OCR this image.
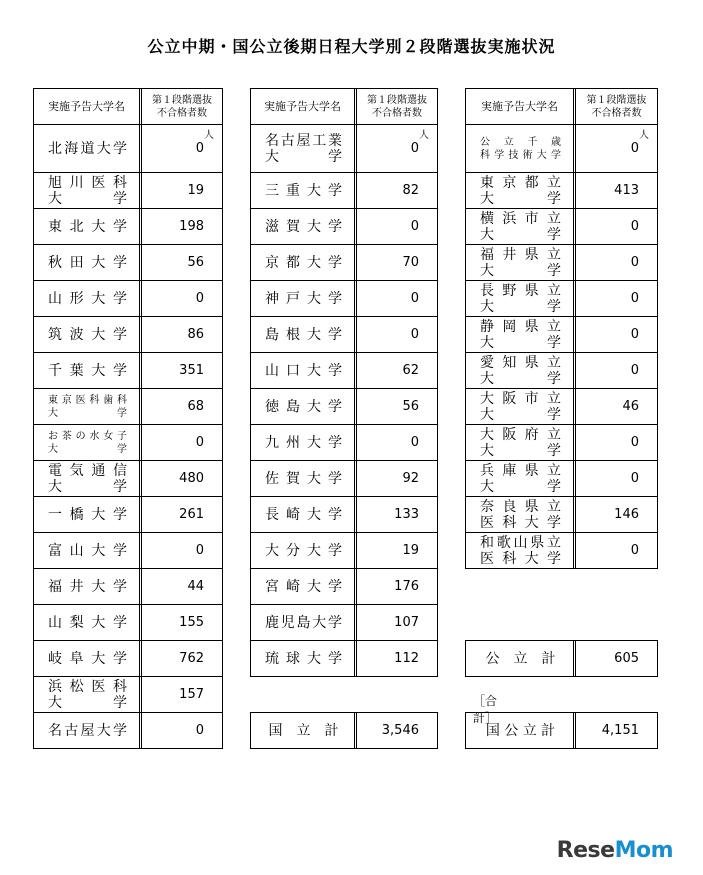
公立中期・国公立後期日程大学別２段階選抜実施状況
実施予告大学名	第１段階選抜
不合格者数
北海道大学	0
人
旭 川 医 科
大学	19
東 北 大 学	198
秋 田 大 学	56
山 形 大 学	0
筑 波 大 学	86
千 葉 大 学	351
東京医科歯科
大学	68
お茶の水女子
大学	0
電 気 通 信
大学	480
一 橋 大 学	261
富 山 大 学	0
福 井 大 学	44
山 梨 大 学	155
岐 阜 大 学	762
浜 松 医 科
大学	157
名古屋大学	0
実施予告大学名	第１段階選抜
不合格者数
名古屋工業
大学	0
人
三 重 大 学	82
滋 賀 大 学	0
京 都 大 学	70
神 戸 大 学	0
島 根 大 学	0
山 口 大 学	62
徳 島 大 学	56
九 州 大 学	0
佐 賀 大 学	92
長 崎 大 学	133
大 分 大 学	19
宮 崎 大 学	176
鹿児島大学	107
琉 球 大 学	112
国　立　計	3,546
実施予告大学名	第１段階選抜
不合格者数
公 立 千 歳
科学技術大学	0
人
東 京 都 立
大学	413
横 浜 市 立
大学	0
福 井 県 立
大学	0
長 野 県 立
大学	0
静 岡 県 立
大学	0
愛 知 県 立
大学	0
大 阪 市 立
大学	46
大 阪 府 立
大学	0
兵 庫 県 立
大学	0
奈 良 県 立
医 科 大 学	146
和歌山県立
医 科 大 学	0
公　立　計	605
［合計］
国 公 立 計	4,151
ReseMom
